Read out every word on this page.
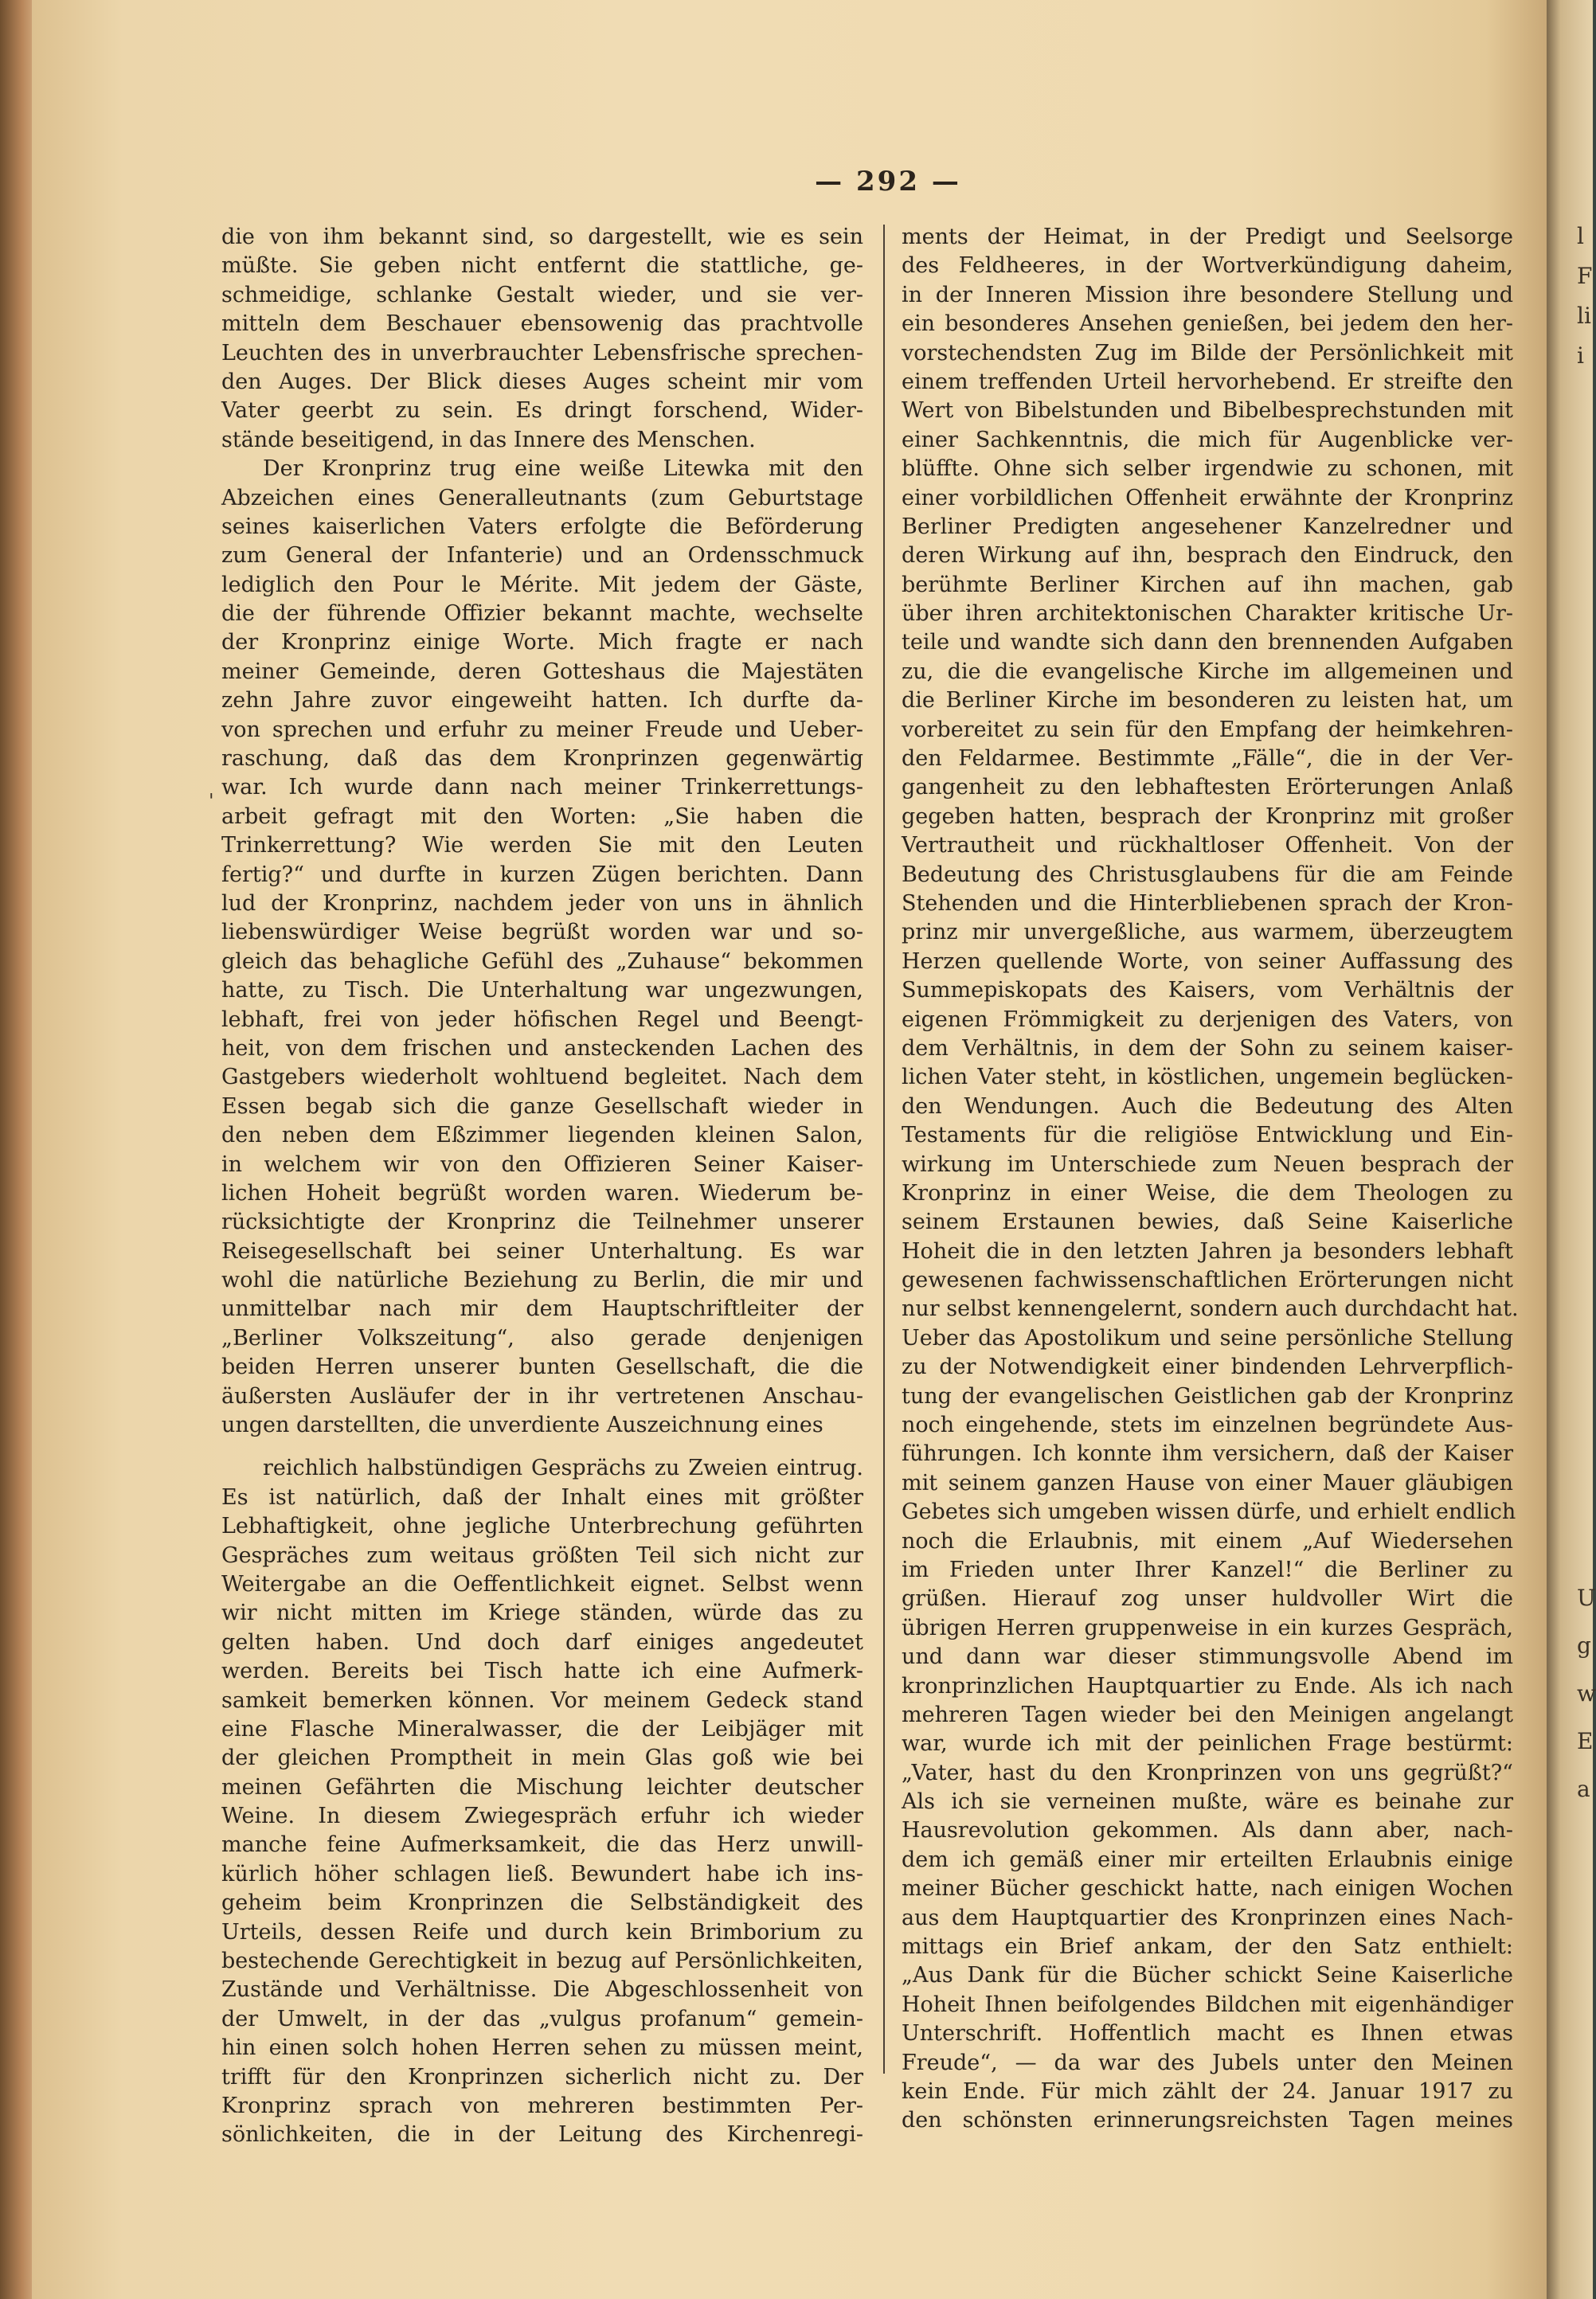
— 292 —
'
die von ihm bekannt sind, so dargestellt, wie es sein
müßte. Sie geben nicht entfernt die stattliche, ge-
schmeidige, schlanke Gestalt wieder, und sie ver-
mitteln dem Beschauer ebensowenig das prachtvolle
Leuchten des in unverbrauchter Lebensfrische sprechen-
den Auges. Der Blick dieses Auges scheint mir vom
Vater geerbt zu sein. Es dringt forschend, Wider-
stände beseitigend, in das Innere des Menschen.
Der Kronprinz trug eine weiße Litewka mit den
Abzeichen eines Generalleutnants (zum Geburtstage
seines kaiserlichen Vaters erfolgte die Beförderung
zum General der Infanterie) und an Ordensschmuck
lediglich den Pour le Mérite. Mit jedem der Gäste,
die der führende Offizier bekannt machte, wechselte
der Kronprinz einige Worte. Mich fragte er nach
meiner Gemeinde, deren Gotteshaus die Majestäten
zehn Jahre zuvor eingeweiht hatten. Ich durfte da-
von sprechen und erfuhr zu meiner Freude und Ueber-
raschung, daß das dem Kronprinzen gegenwärtig
war. Ich wurde dann nach meiner Trinkerrettungs-
arbeit gefragt mit den Worten: „Sie haben die
Trinkerrettung? Wie werden Sie mit den Leuten
fertig?“ und durfte in kurzen Zügen berichten. Dann
lud der Kronprinz, nachdem jeder von uns in ähnlich
liebenswürdiger Weise begrüßt worden war und so-
gleich das behagliche Gefühl des „Zuhause“ bekommen
hatte, zu Tisch. Die Unterhaltung war ungezwungen,
lebhaft, frei von jeder höfischen Regel und Beengt-
heit, von dem frischen und ansteckenden Lachen des
Gastgebers wiederholt wohltuend begleitet. Nach dem
Essen begab sich die ganze Gesellschaft wieder in
den neben dem Eßzimmer liegenden kleinen Salon,
in welchem wir von den Offizieren Seiner Kaiser-
lichen Hoheit begrüßt worden waren. Wiederum be-
rücksichtigte der Kronprinz die Teilnehmer unserer
Reisegesellschaft bei seiner Unterhaltung. Es war
wohl die natürliche Beziehung zu Berlin, die mir und
unmittelbar nach mir dem Hauptschriftleiter der
„Berliner Volkszeitung“, also gerade denjenigen
beiden Herren unserer bunten Gesellschaft, die die
äußersten Ausläufer der in ihr vertretenen Anschau-
ungen darstellten, die unverdiente Auszeichnung eines
reichlich halbstündigen Gesprächs zu Zweien eintrug.
Es ist natürlich, daß der Inhalt eines mit größter
Lebhaftigkeit, ohne jegliche Unterbrechung geführten
Gespräches zum weitaus größten Teil sich nicht zur
Weitergabe an die Oeffentlichkeit eignet. Selbst wenn
wir nicht mitten im Kriege ständen, würde das zu
gelten haben. Und doch darf einiges angedeutet
werden. Bereits bei Tisch hatte ich eine Aufmerk-
samkeit bemerken können. Vor meinem Gedeck stand
eine Flasche Mineralwasser, die der Leibjäger mit
der gleichen Promptheit in mein Glas goß wie bei
meinen Gefährten die Mischung leichter deutscher
Weine. In diesem Zwiegespräch erfuhr ich wieder
manche feine Aufmerksamkeit, die das Herz unwill-
kürlich höher schlagen ließ. Bewundert habe ich ins-
geheim beim Kronprinzen die Selbständigkeit des
Urteils, dessen Reife und durch kein Brimborium zu
bestechende Gerechtigkeit in bezug auf Persönlichkeiten,
Zustände und Verhältnisse. Die Abgeschlossenheit von
der Umwelt, in der das „vulgus profanum“ gemein-
hin einen solch hohen Herren sehen zu müssen meint,
trifft für den Kronprinzen sicherlich nicht zu. Der
Kronprinz sprach von mehreren bestimmten Per-
sönlichkeiten, die in der Leitung des Kirchenregi-
ments der Heimat, in der Predigt und Seelsorge
des Feldheeres, in der Wortverkündigung daheim,
in der Inneren Mission ihre besondere Stellung und
ein besonderes Ansehen genießen, bei jedem den her-
vorstechendsten Zug im Bilde der Persönlichkeit mit
einem treffenden Urteil hervorhebend. Er streifte den
Wert von Bibelstunden und Bibelbesprechstunden mit
einer Sachkenntnis, die mich für Augenblicke ver-
blüffte. Ohne sich selber irgendwie zu schonen, mit
einer vorbildlichen Offenheit erwähnte der Kronprinz
Berliner Predigten angesehener Kanzelredner und
deren Wirkung auf ihn, besprach den Eindruck, den
berühmte Berliner Kirchen auf ihn machen, gab
über ihren architektonischen Charakter kritische Ur-
teile und wandte sich dann den brennenden Aufgaben
zu, die die evangelische Kirche im allgemeinen und
die Berliner Kirche im besonderen zu leisten hat, um
vorbereitet zu sein für den Empfang der heimkehren-
den Feldarmee. Bestimmte „Fälle“, die in der Ver-
gangenheit zu den lebhaftesten Erörterungen Anlaß
gegeben hatten, besprach der Kronprinz mit großer
Vertrautheit und rückhaltloser Offenheit. Von der
Bedeutung des Christusglaubens für die am Feinde
Stehenden und die Hinterbliebenen sprach der Kron-
prinz mir unvergeßliche, aus warmem, überzeugtem
Herzen quellende Worte, von seiner Auffassung des
Summepiskopats des Kaisers, vom Verhältnis der
eigenen Frömmigkeit zu derjenigen des Vaters, von
dem Verhältnis, in dem der Sohn zu seinem kaiser-
lichen Vater steht, in köstlichen, ungemein beglücken-
den Wendungen. Auch die Bedeutung des Alten
Testaments für die religiöse Entwicklung und Ein-
wirkung im Unterschiede zum Neuen besprach der
Kronprinz in einer Weise, die dem Theologen zu
seinem Erstaunen bewies, daß Seine Kaiserliche
Hoheit die in den letzten Jahren ja besonders lebhaft
gewesenen fachwissenschaftlichen Erörterungen nicht
nur selbst kennengelernt, sondern auch durchdacht hat.
Ueber das Apostolikum und seine persönliche Stellung
zu der Notwendigkeit einer bindenden Lehrverpflich-
tung der evangelischen Geistlichen gab der Kronprinz
noch eingehende, stets im einzelnen begründete Aus-
führungen. Ich konnte ihm versichern, daß der Kaiser
mit seinem ganzen Hause von einer Mauer gläubigen
Gebetes sich umgeben wissen dürfe, und erhielt endlich
noch die Erlaubnis, mit einem „Auf Wiedersehen
im Frieden unter Ihrer Kanzel!“ die Berliner zu
grüßen. Hierauf zog unser huldvoller Wirt die
übrigen Herren gruppenweise in ein kurzes Gespräch,
und dann war dieser stimmungsvolle Abend im
kronprinzlichen Hauptquartier zu Ende. Als ich nach
mehreren Tagen wieder bei den Meinigen angelangt
war, wurde ich mit der peinlichen Frage bestürmt:
„Vater, hast du den Kronprinzen von uns gegrüßt?“
Als ich sie verneinen mußte, wäre es beinahe zur
Hausrevolution gekommen. Als dann aber, nach-
dem ich gemäß einer mir erteilten Erlaubnis einige
meiner Bücher geschickt hatte, nach einigen Wochen
aus dem Hauptquartier des Kronprinzen eines Nach-
mittags ein Brief ankam, der den Satz enthielt:
„Aus Dank für die Bücher schickt Seine Kaiserliche
Hoheit Ihnen beifolgendes Bildchen mit eigenhändiger
Unterschrift. Hoffentlich macht es Ihnen etwas
Freude“, — da war des Jubels unter den Meinen
kein Ende. Für mich zählt der 24. Januar 1917 zu
den schönsten erinnerungsreichsten Tagen meines
l
F
li
i
U
g
w
E
a
